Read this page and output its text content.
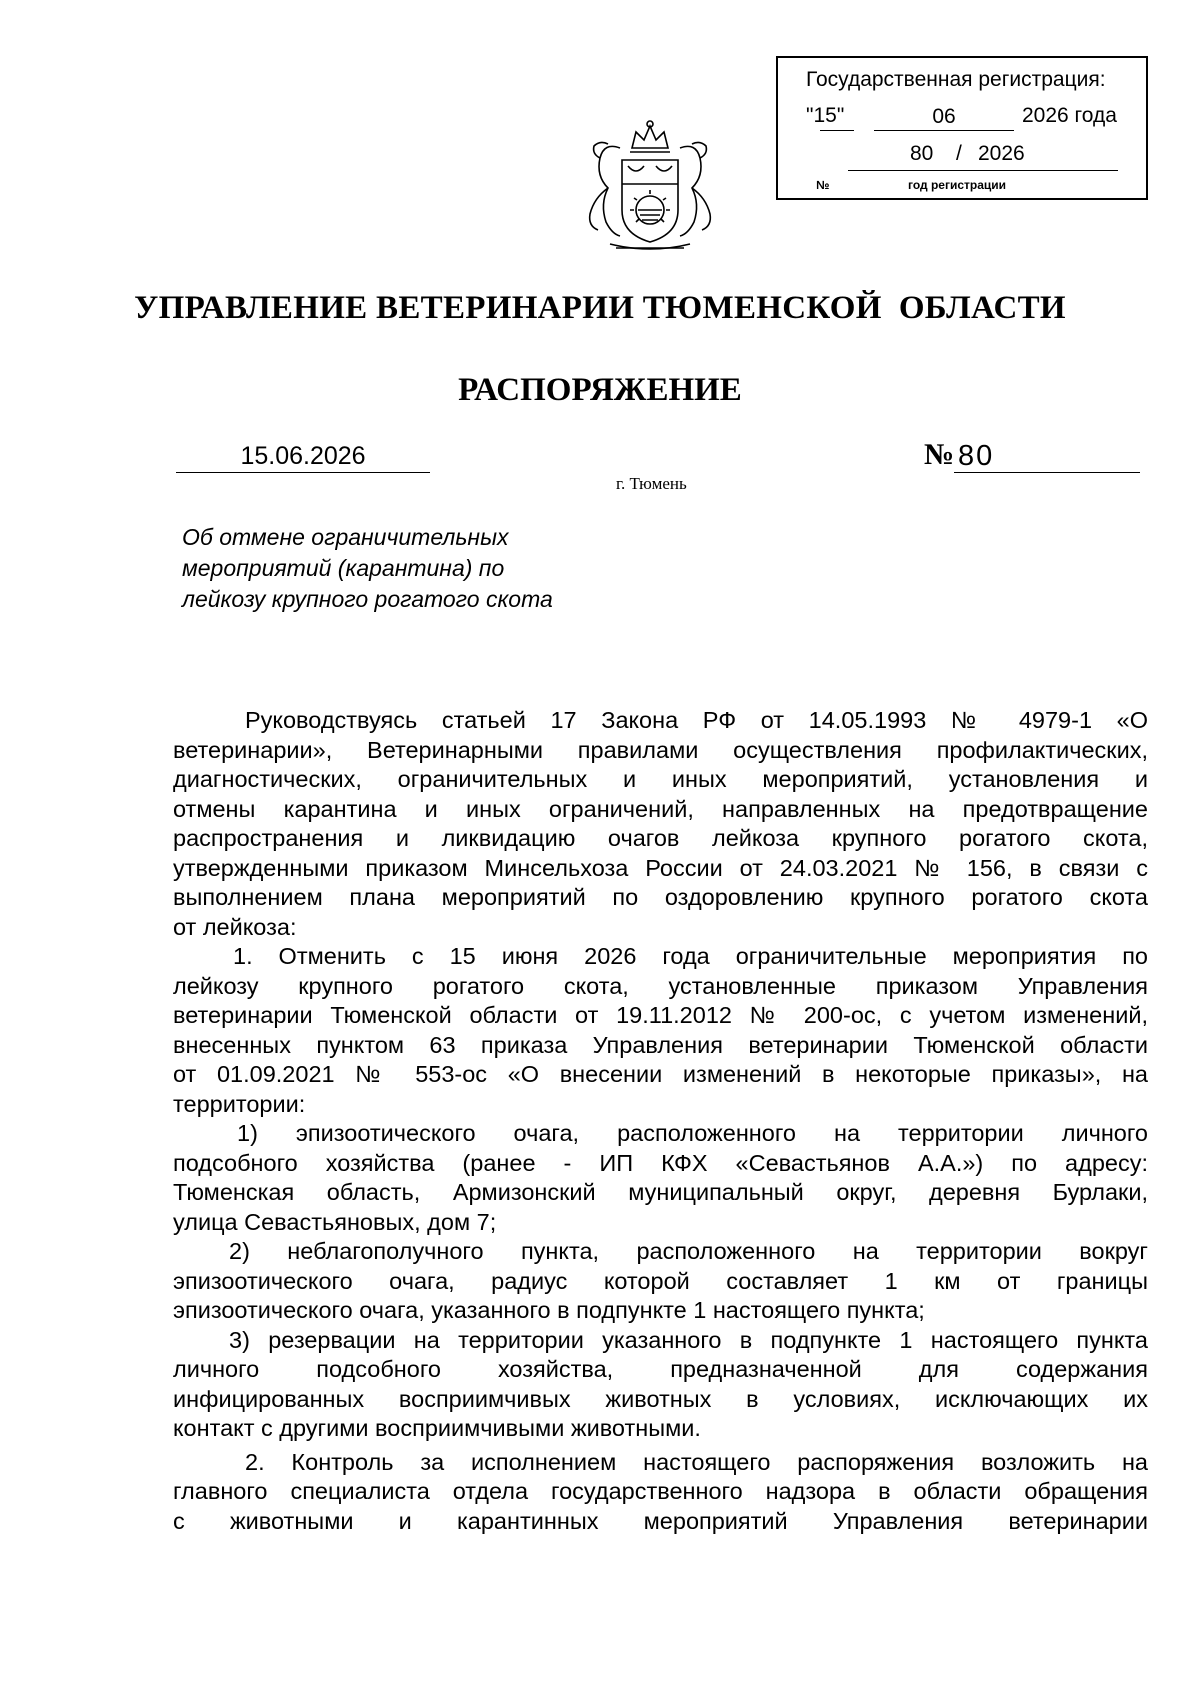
Государственная регистрация:
"15"	06	2026 года
80 / 2026
№	год регистрации
УПРАВЛЕНИЕ ВЕТЕРИНАРИИ ТЮМЕНСКОЙ  ОБЛАСТИ
РАСПОРЯЖЕНИЕ
15.06.2026	№ 80
г. Тюмень
Об отмене ограничительных
мероприятий (карантина) по
лейкозу крупного рогатого скота
Руководствуясь статьей 17 Закона РФ от 14.05.1993 № 4979-1 «О
ветеринарии», Ветеринарными правилами осуществления профилактических,
диагностических, ограничительных и иных мероприятий, установления и
отмены карантина и иных ограничений, направленных на предотвращение
распространения и ликвидацию очагов лейкоза крупного рогатого скота,
утвержденными приказом Минсельхоза России от 24.03.2021 № 156, в связи с
выполнением плана мероприятий по оздоровлению крупного рогатого скота
от лейкоза:
1. Отменить с 15 июня 2026 года ограничительные мероприятия по
лейкозу крупного рогатого скота, установленные приказом Управления
ветеринарии Тюменской области от 19.11.2012 № 200-ос, с учетом изменений,
внесенных пунктом 63 приказа Управления ветеринарии Тюменской области
от 01.09.2021 № 553-ос «О внесении изменений в некоторые приказы», на
территории:
1) эпизоотического очага, расположенного на территории личного
подсобного хозяйства (ранее - ИП КФХ «Севастьянов А.А.») по адресу:
Тюменская область, Армизонский муниципальный округ, деревня Бурлаки,
улица Севастьяновых, дом 7;
2) неблагополучного пункта, расположенного на территории вокруг
эпизоотического очага, радиус которой составляет 1 км от границы
эпизоотического очага, указанного в подпункте 1 настоящего пункта;
3) резервации на территории указанного в подпункте 1 настоящего пункта
личного подсобного хозяйства, предназначенной для содержания
инфицированных восприимчивых животных в условиях, исключающих их
контакт с другими восприимчивыми животными.
2. Контроль за исполнением настоящего распоряжения возложить на
главного специалиста отдела государственного надзора в области обращения
с животными и карантинных мероприятий Управления ветеринарии
